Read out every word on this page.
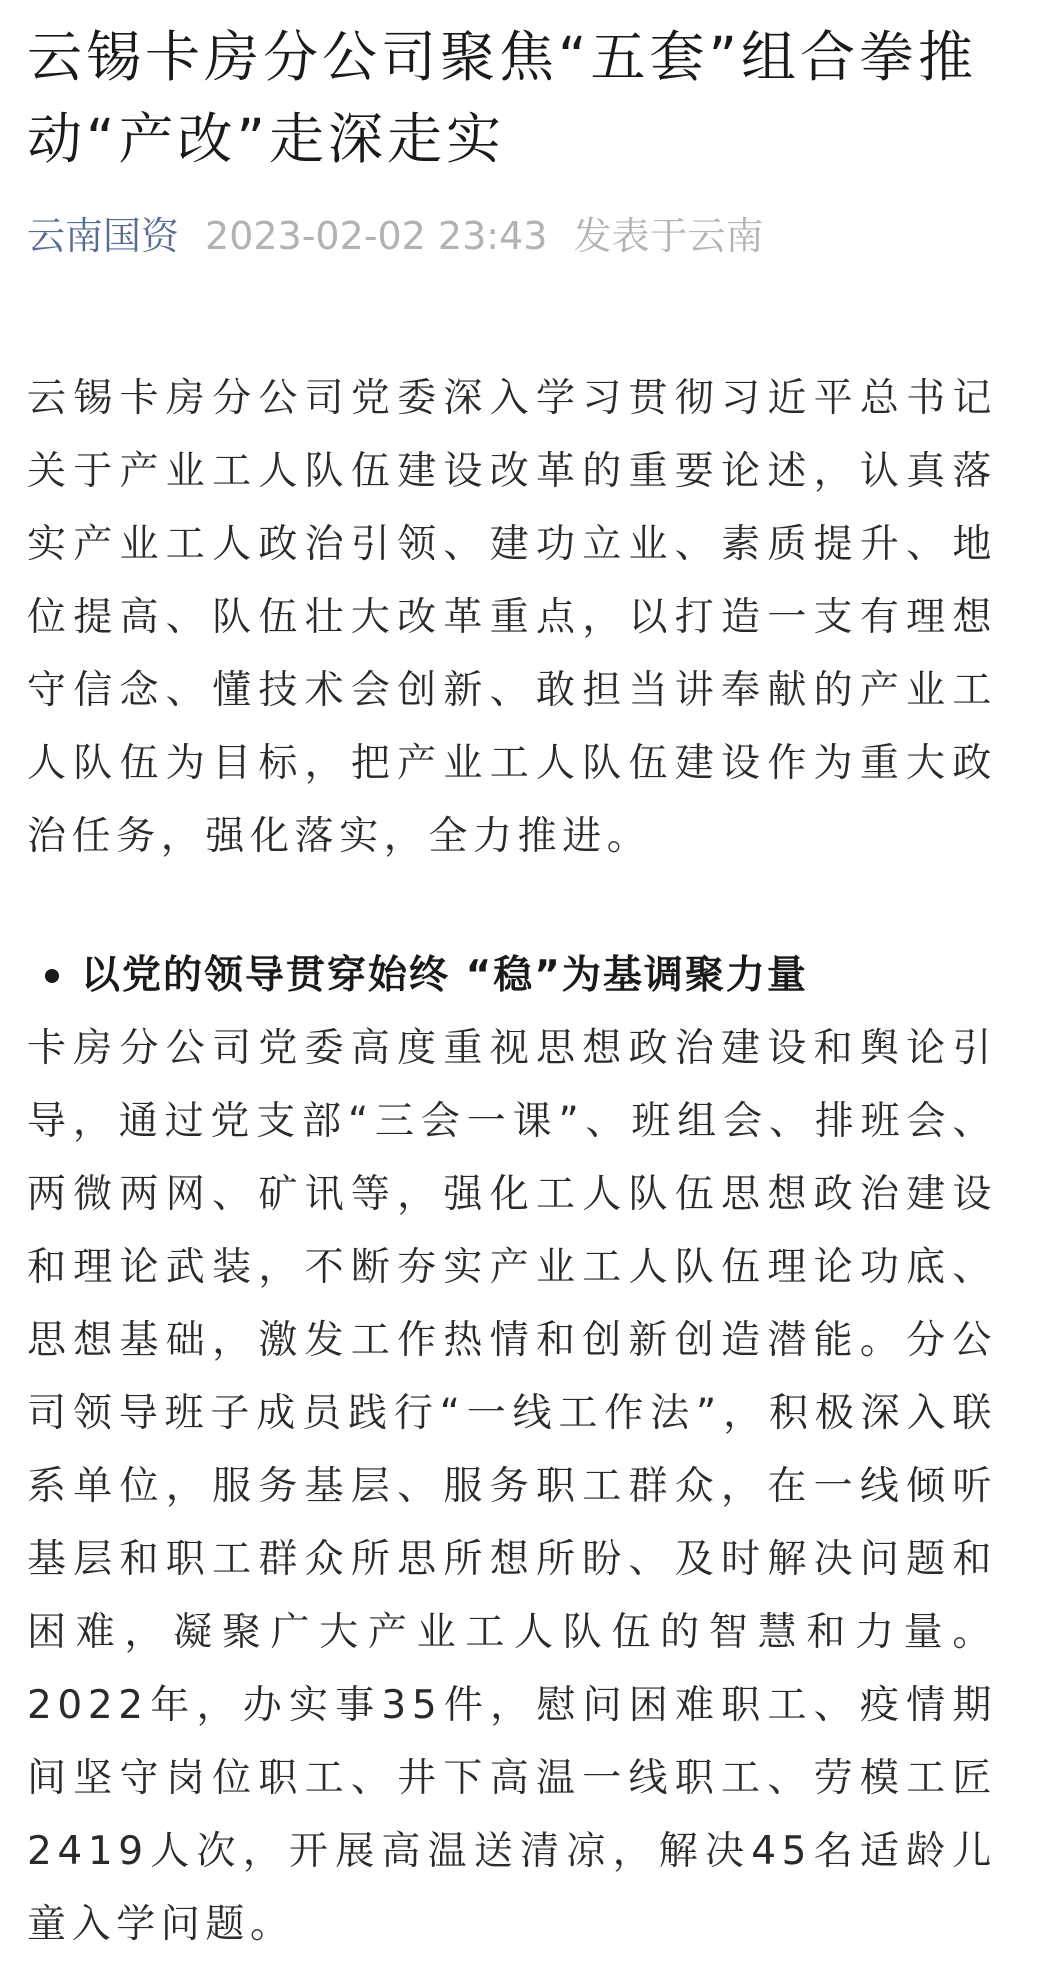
云锡卡房分公司聚焦“五套”组合拳推动“产改”走深走实
云南国资 2023-02-02 23:43 发表于云南

云锡卡房分公司党委深入学习贯彻习近平总书记关于产业工人队伍建设改革的重要论述，认真落实产业工人政治引领、建功立业、素质提升、地位提高、队伍壮大改革重点，以打造一支有理想守信念、懂技术会创新、敢担当讲奉献的产业工人队伍为目标，把产业工人队伍建设作为重大政治任务，强化落实，全力推进。

以党的领导贯穿始终 “稳”为基调聚力量

卡房分公司党委高度重视思想政治建设和舆论引导，通过党支部“三会一课”、班组会、排班会、两微两网、矿讯等，强化工人队伍思想政治建设和理论武装，不断夯实产业工人队伍理论功底、思想基础，激发工作热情和创新创造潜能。分公司领导班子成员践行“一线工作法”，积极深入联系单位，服务基层、服务职工群众，在一线倾听基层和职工群众所思所想所盼、及时解决问题和困难，凝聚广大产业工人队伍的智慧和力量。2022年，办实事35件，慰问困难职工、疫情期间坚守岗位职工、井下高温一线职工、劳模工匠2419人次，开展高温送清凉，解决45名适龄儿童入学问题。
